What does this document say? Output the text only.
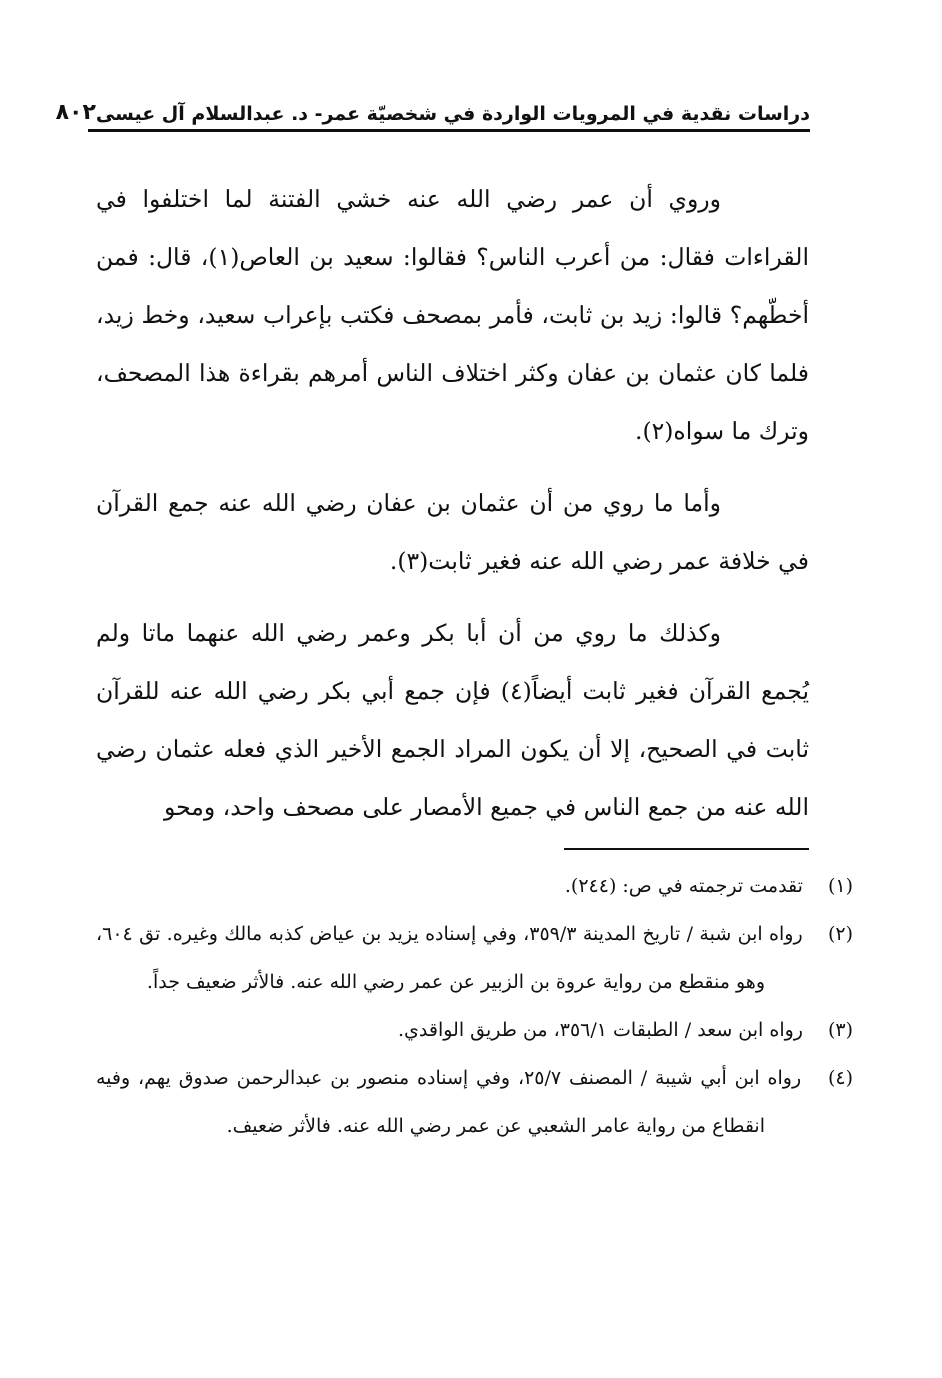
دراسات نقدية في المرويات الواردة في شخصيّة عمر- د. عبدالسلام آل عيسى
٨٠٢

وروي أن عمر رضي الله عنه خشي الفتنة لما اختلفوا في القراءات فقال: من أعرب الناس؟ فقالوا: سعيد بن العاص(١)، قال: فمن أخطّهم؟ قالوا: زيد بن ثابت، فأمر بمصحف فكتب بإعراب سعيد، وخط زيد، فلما كان عثمان بن عفان وكثر اختلاف الناس أمرهم بقراءة هذا المصحف، وترك ما سواه(٢).

وأما ما روي من أن عثمان بن عفان رضي الله عنه جمع القرآن في خلافة عمر رضي الله عنه فغير ثابت(٣).

وكذلك ما روي من أن أبا بكر وعمر رضي الله عنهما ماتا ولم يُجمع القرآن فغير ثابت أيضاً(٤) فإن جمع أبي بكر رضي الله عنه للقرآن ثابت في الصحيح، إلا أن يكون المراد الجمع الأخير الذي فعله عثمان رضي الله عنه من جمع الناس في جميع الأمصار على مصحف واحد، ومحو

(١) تقدمت ترجمته في ص: (٢٤٤).

(٢) رواه ابن شبة / تاريخ المدينة ٣٥٩/٣، وفي إسناده يزيد بن عياض كذبه مالك وغيره. تق ٦٠٤، وهو منقطع من رواية عروة بن الزبير عن عمر رضي الله عنه. فالأثر ضعيف جداً.

(٣) رواه ابن سعد / الطبقات ٣٥٦/١، من طريق الواقدي.

(٤) رواه ابن أبي شيبة / المصنف ٢٥/٧، وفي إسناده منصور بن عبدالرحمن صدوق يهم، وفيه انقطاع من رواية عامر الشعبي عن عمر رضي الله عنه. فالأثر ضعيف.
